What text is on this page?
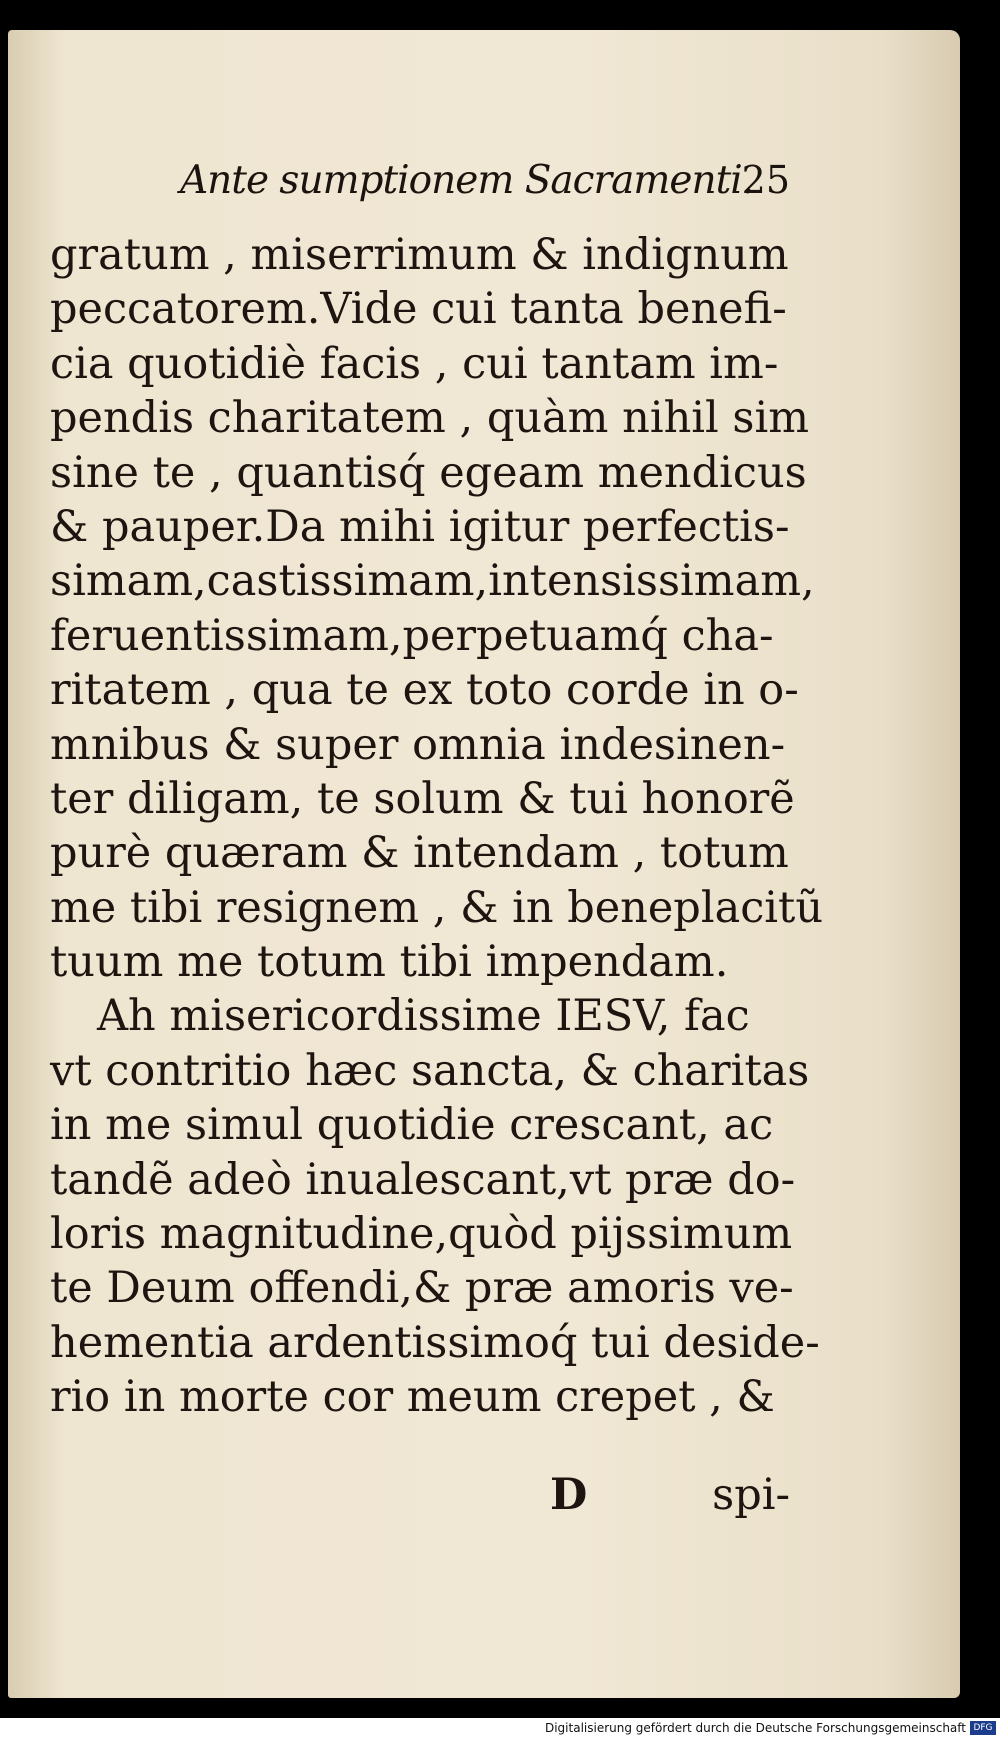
Ante sumptionem Sacramenti.
25
gratum , miserrimum & indignum
peccatorem.Vide cui tanta benefi-
cia quotidiè facis , cui tantam im-
pendis charitatem , quàm nihil sim
sine te , quantisq́ egeam mendicus
& pauper.Da mihi igitur perfectis-
simam,castissimam,intensissimam,
feruentissimam,perpetuamq́ cha-
ritatem , qua te ex toto corde in o-
mnibus & super omnia indesinen-
ter diligam, te solum & tui honorẽ
purè quæram & intendam , totum
me tibi resignem , & in beneplacitũ
tuum me totum tibi impendam.
Ah misericordissime IESV, fac
vt contritio hæc sancta, & charitas
in me simul quotidie crescant, ac
tandẽ adeò inualescant,vt præ do-
loris magnitudine,quòd pijssimum
te Deum offendi,& præ amoris ve-
hementia ardentissimoq́ tui deside-
rio in morte cor meum crepet , &
D	spi-
Digitalisierung gefördert durch die Deutsche Forschungsgemeinschaft DFG
